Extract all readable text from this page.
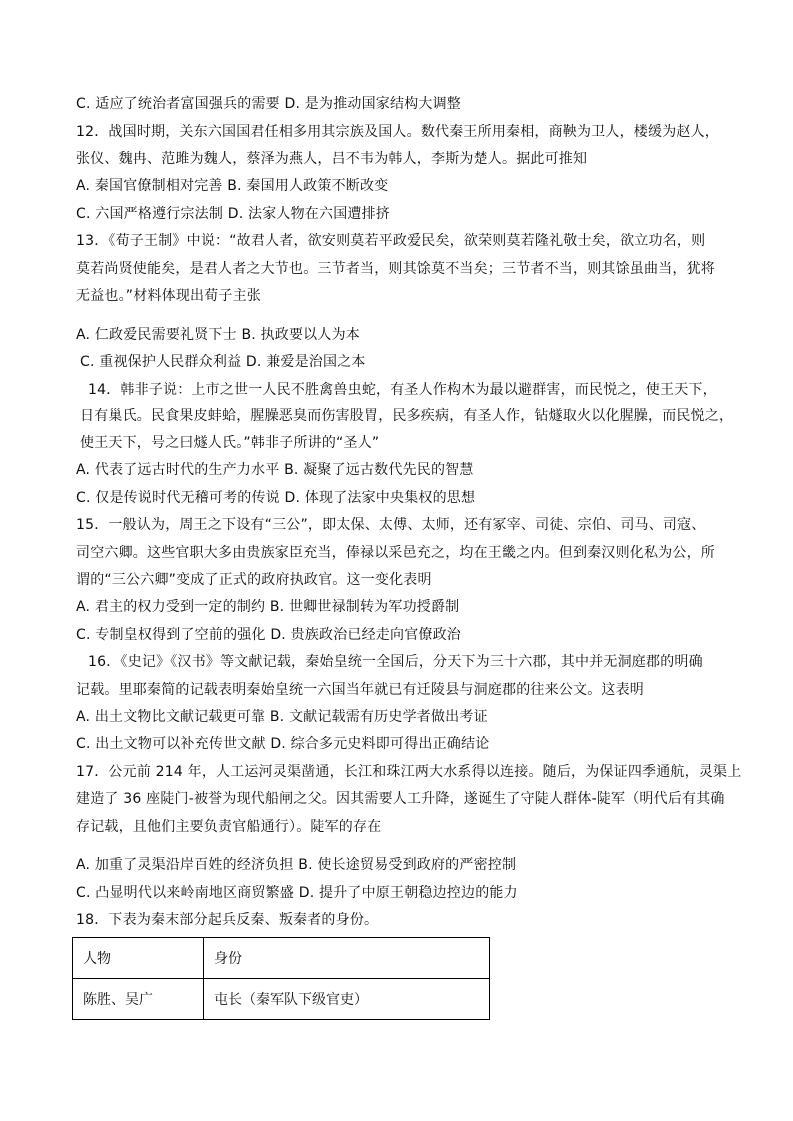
C. 适应了统治者富国强兵的需要 D. 是为推动国家结构大调整
12．战国时期，关东六国国君任相多用其宗族及国人。数代秦王所用秦相，商鞅为卫人，楼缓为赵人，
张仪、魏冉、范雎为魏人，蔡泽为燕人，吕不韦为韩人，李斯为楚人。据此可推知
A. 秦国官僚制相对完善 B. 秦国用人政策不断改变
C. 六国严格遵行宗法制 D. 法家人物在六国遭排挤
13．《荀子王制》中说：“故君人者，欲安则莫若平政爱民矣，欲荣则莫若隆礼敬士矣，欲立功名，则
莫若尚贤使能矣，是君人者之大节也。三节者当，则其馀莫不当矣；三节者不当，则其馀虽曲当，犹将
无益也。”材料体现出荀子主张
A. 仁政爱民需要礼贤下士 B. 执政要以人为本
C. 重视保护人民群众利益 D. 兼爱是治国之本
14．韩非子说：上市之世一人民不胜禽兽虫蛇，有圣人作构木为最以避群害，而民悦之，使王天下，
日有巢氏。民食果皮蚌蛤，腥臊恶臭而伤害股胃，民多疾病，有圣人作，钻燧取火以化腥臊，而民悦之，
使王天下，号之曰燧人氏。”韩非子所讲的“圣人”
A. 代表了远古时代的生产力水平 B. 凝聚了远古数代先民的智慧
C. 仅是传说时代无稽可考的传说 D. 体现了法家中央集权的思想
15．一般认为，周王之下设有“三公”，即太保、太傅、太师，还有冢宰、司徒、宗伯、司马、司寇、
司空六卿。这些官职大多由贵族家臣充当，俸禄以采邑充之，均在王畿之内。但到秦汉则化私为公，所
谓的“三公六卿”变成了正式的政府执政官。这一变化表明
A. 君主的权力受到一定的制约 B. 世卿世禄制转为军功授爵制
C. 专制皇权得到了空前的强化 D. 贵族政治已经走向官僚政治
16．《史记》《汉书》等文献记载，秦始皇统一全国后，分天下为三十六郡，其中并无洞庭郡的明确
记载。里耶秦简的记载表明秦始皇统一六国当年就已有迁陵县与洞庭郡的往来公文。这表明
A. 出土文物比文献记载更可靠 B. 文献记载需有历史学者做出考证
C. 出土文物可以补充传世文献 D. 综合多元史料即可得出正确结论
17．公元前 214 年，人工运河灵渠凿通，长江和珠江两大水系得以连接。随后，为保证四季通航，灵渠上
建造了 36 座陡门-被誉为现代船闸之父。因其需要人工升降，遂诞生了守陡人群体-陡军（明代后有其确
存记载，且他们主要负责官船通行）。陡军的存在
A. 加重了灵渠沿岸百姓的经济负担 B. 使长途贸易受到政府的严密控制
C. 凸显明代以来岭南地区商贸繁盛 D. 提升了中原王朝稳边控边的能力
18．下表为秦末部分起兵反秦、叛秦者的身份。
人物	身份
陈胜、吴广	屯长（秦军队下级官吏）
